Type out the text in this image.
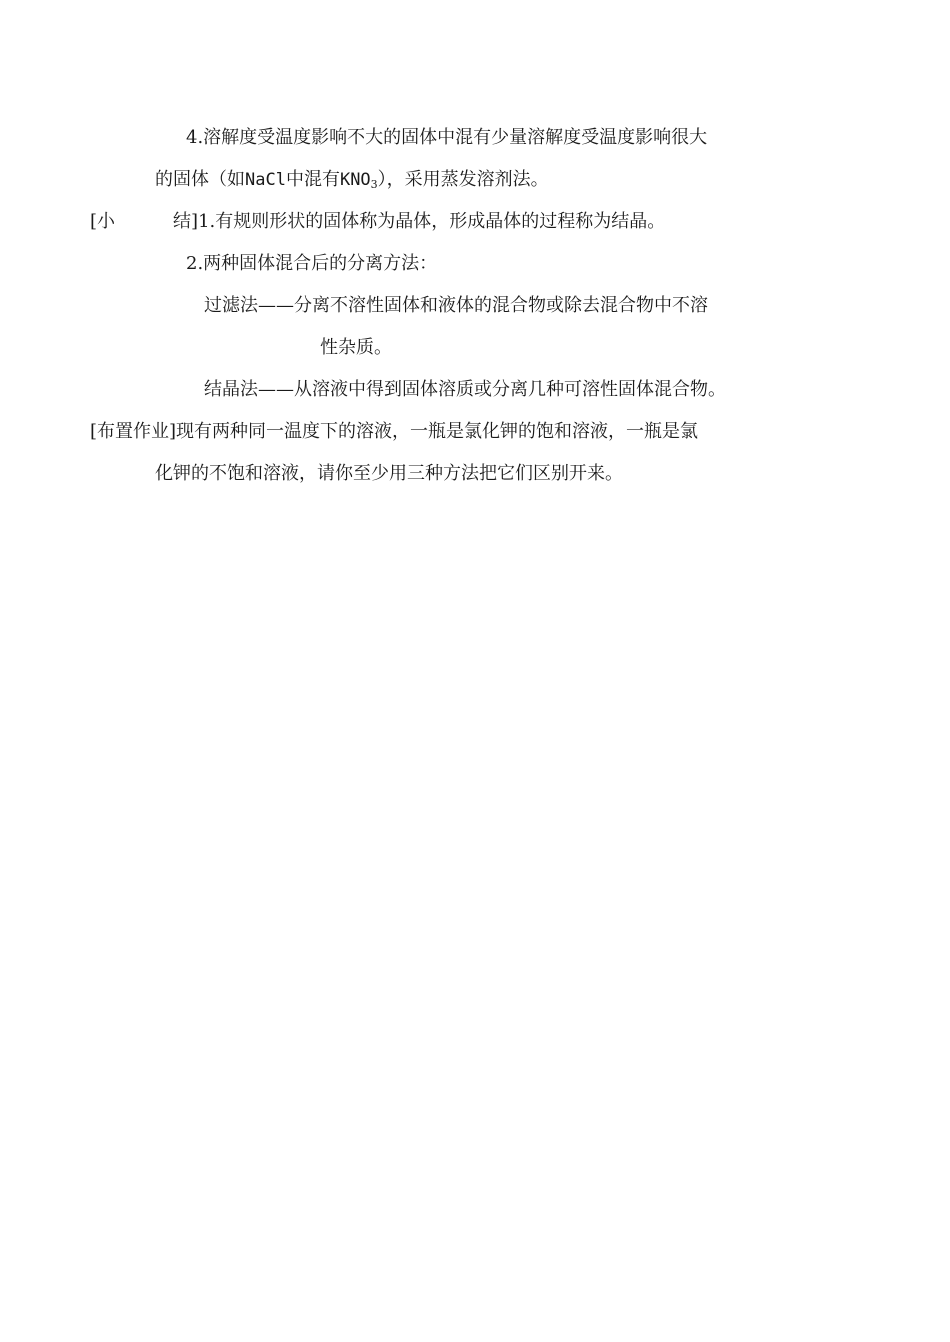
4.溶解度受温度影响不大的固体中混有少量溶解度受温度影响很大
的固体（如NaCl中混有$KNO_3$），采用蒸发溶剂法。
[小	结]1.有规则形状的固体称为晶体，形成晶体的过程称为结晶。
2.两种固体混合后的分离方法：
过滤法——分离不溶性固体和液体的混合物或除去混合物中不溶
性杂质。
结晶法——从溶液中得到固体溶质或分离几种可溶性固体混合物。
[布置作业]现有两种同一温度下的溶液，一瓶是氯化钾的饱和溶液，一瓶是氯
化钾的不饱和溶液，请你至少用三种方法把它们区别开来。
